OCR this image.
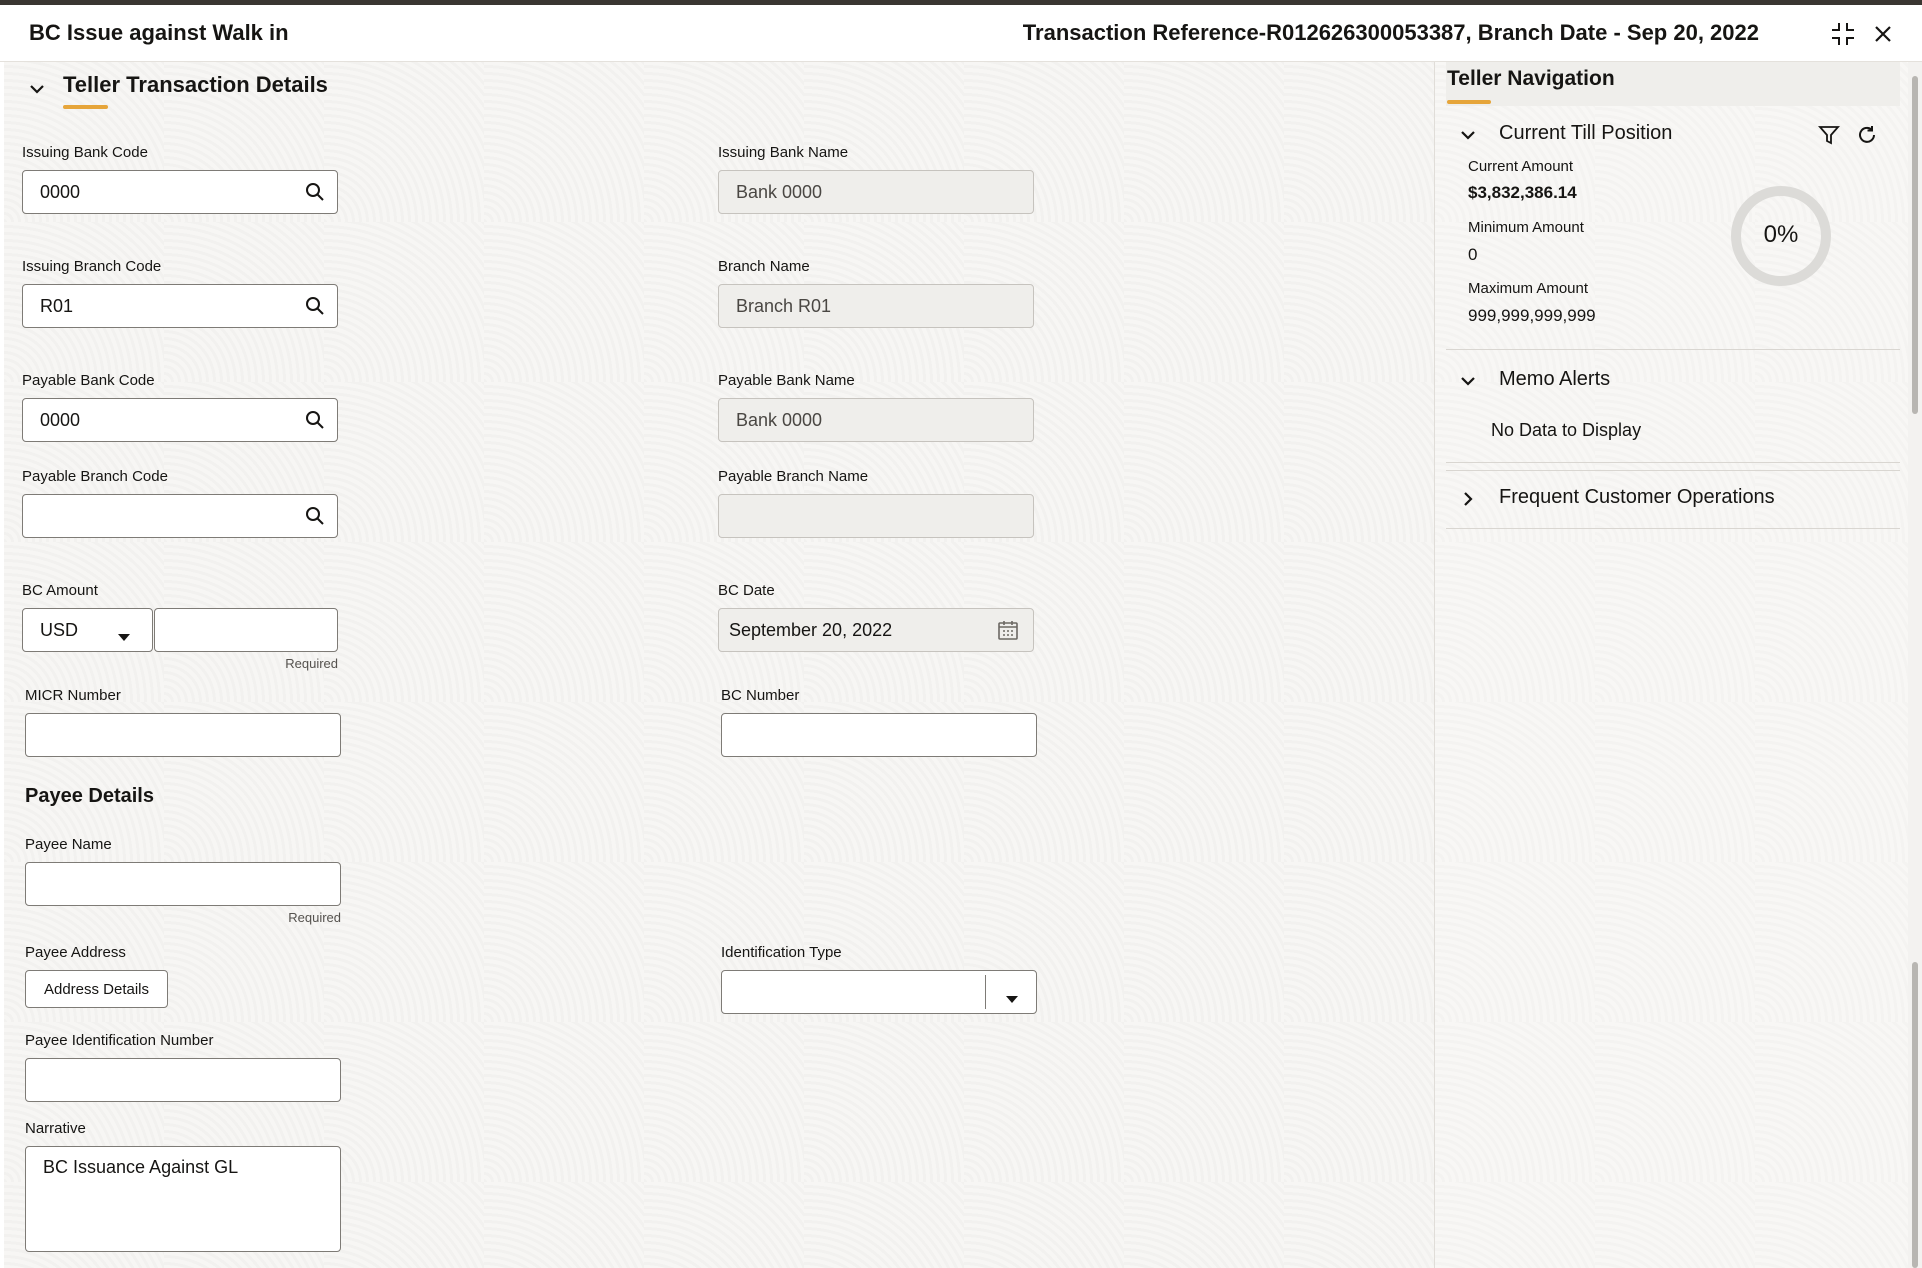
BC Issue against Walk in	Transaction Reference-R012626300053387, Branch Date - Sep 20, 2022
Teller Transaction Details
Issuing Bank Code
0000
Issuing Bank Name
Bank 0000
Issuing Branch Code
R01
Branch Name
Branch R01
Payable Bank Code
0000
Payable Bank Name
Bank 0000
Payable Branch Code	Payable Branch Name
BC Amount
USD
Required
BC Date
September 20, 2022
MICR Number	BC Number
Payee Details
Payee Name
Required
Payee Address
Address Details
Identification Type
Payee Identification Number
Narrative
BC Issuance Against GL
Teller Navigation
Current Till Position
Current Amount
$3,832,386.14
Minimum Amount
0
Maximum Amount
999,999,999,999
0%
Memo Alerts
No Data to Display
Frequent Customer Operations
